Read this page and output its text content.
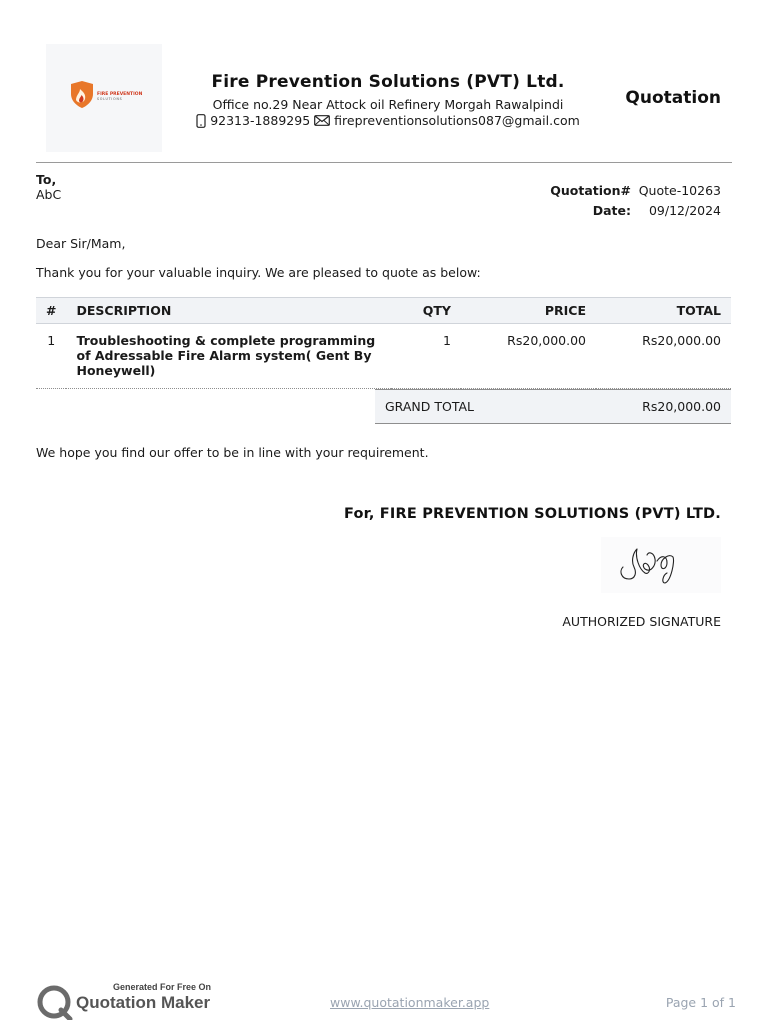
FIRE PREVENTION
SOLUTIONS
Fire Prevention Solutions (PVT) Ltd.
Office no.29 Near Attock oil Refinery Morgah Rawalpindi
92313-1889295 firepreventionsolutions087@gmail.com
Quotation
To,
AbC	Quotation# Quote-10263
Date:	09/12/2024
Dear Sir/Mam,
Thank you for your valuable inquiry. We are pleased to quote as below:
#	DESCRIPTION	QTY	PRICE	TOTAL
1	Troubleshooting & complete programming of Adressable Fire Alarm system( Gent By Honeywell)	1	Rs20,000.00	Rs20,000.00
GRAND TOTAL	Rs20,000.00
We hope you find our offer to be in line with your requirement.
For, FIRE PREVENTION SOLUTIONS (PVT) LTD.
AUTHORIZED SIGNATURE
Generated For Free On
Quotation Maker	www.quotationmaker.app	Page 1 of 1
